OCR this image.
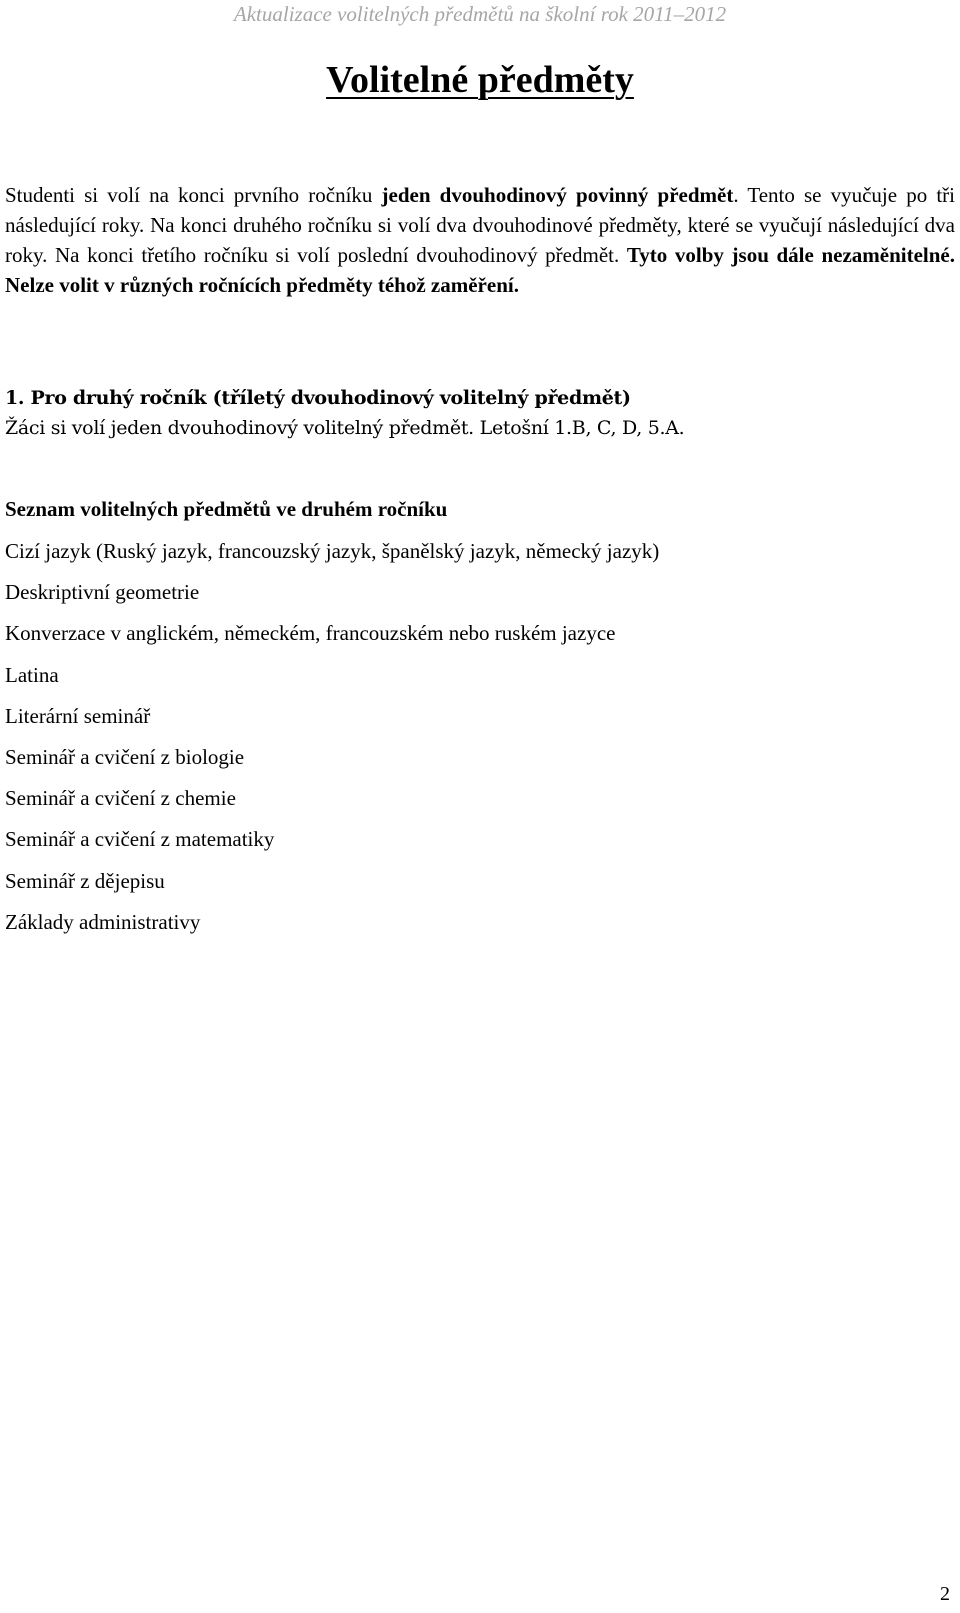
Aktualizace volitelných předmětů na školní rok 2011–2012
Volitelné předměty

Studenti si volí na konci prvního ročníku jeden dvouhodinový povinný předmět. Tento se vyučuje po tři následující roky. Na konci druhého ročníku si volí dva dvouhodinové předměty, které se vyučují následující dva roky. Na konci třetího ročníku si volí poslední dvouhodinový předmět. Tyto volby jsou dále nezaměnitelné. Nelze volit v různých ročnících předměty téhož zaměření.

1. Pro druhý ročník (tříletý dvouhodinový volitelný předmět)

Žáci si volí jeden dvouhodinový volitelný předmět. Letošní 1.B, C, D, 5.A.

Seznam volitelných předmětů ve druhém ročníku

Cizí jazyk (Ruský jazyk, francouzský jazyk, španělský jazyk, německý jazyk)
Deskriptivní geometrie
Konverzace v anglickém, německém, francouzském nebo ruském jazyce
Latina
Literární seminář
Seminář a cvičení z biologie
Seminář a cvičení z chemie
Seminář a cvičení z matematiky
Seminář z dějepisu
Základy administrativy
2
